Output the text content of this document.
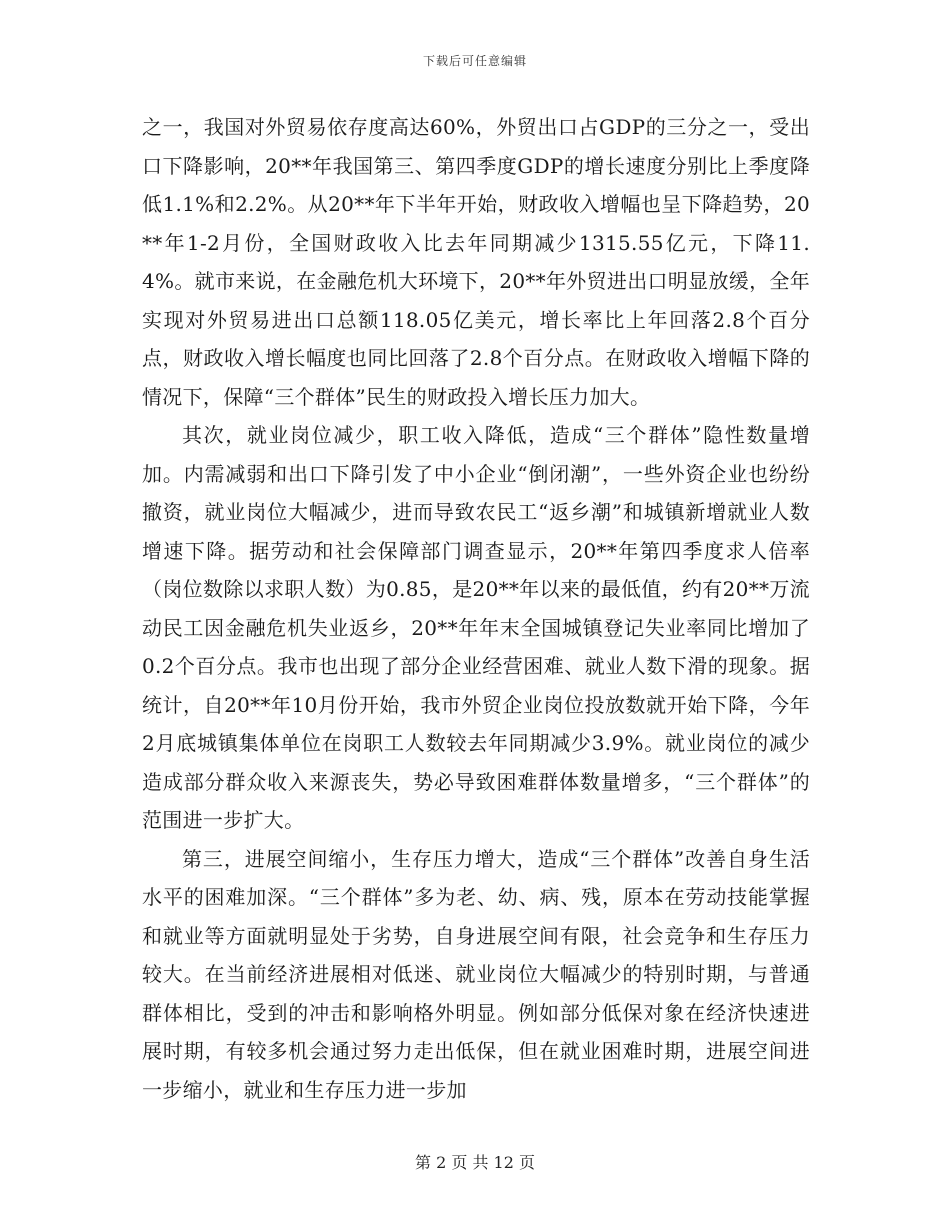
下载后可任意编辑

之一，我国对外贸易依存度高达60%，外贸出口占GDP的三分之一，受出口下降影响，20**年我国第三、第四季度GDP的增长速度分别比上季度降低1.1%和2.2%。从20**年下半年开始，财政收入增幅也呈下降趋势，20**年1-2月份，全国财政收入比去年同期减少1315.55亿元，下降11.4%。就市来说，在金融危机大环境下，20**年外贸进出口明显放缓，全年实现对外贸易进出口总额118.05亿美元，增长率比上年回落2.8个百分点，财政收入增长幅度也同比回落了2.8个百分点。在财政收入增幅下降的情况下，保障“三个群体”民生的财政投入增长压力加大。

其次，就业岗位减少，职工收入降低，造成“三个群体”隐性数量增加。内需减弱和出口下降引发了中小企业“倒闭潮”，一些外资企业也纷纷撤资，就业岗位大幅减少，进而导致农民工“返乡潮”和城镇新增就业人数增速下降。据劳动和社会保障部门调查显示，20**年第四季度求人倍率（岗位数除以求职人数）为0.85，是20**年以来的最低值，约有20**万流动民工因金融危机失业返乡，20**年年末全国城镇登记失业率同比增加了0.2个百分点。我市也出现了部分企业经营困难、就业人数下滑的现象。据统计，自20**年10月份开始，我市外贸企业岗位投放数就开始下降，今年2月底城镇集体单位在岗职工人数较去年同期减少3.9%。就业岗位的减少造成部分群众收入来源丧失，势必导致困难群体数量增多，“三个群体”的范围进一步扩大。

第三，进展空间缩小，生存压力增大，造成“三个群体”改善自身生活水平的困难加深。“三个群体”多为老、幼、病、残，原本在劳动技能掌握和就业等方面就明显处于劣势，自身进展空间有限，社会竞争和生存压力较大。在当前经济进展相对低迷、就业岗位大幅减少的特别时期，与普通群体相比，受到的冲击和影响格外明显。例如部分低保对象在经济快速进展时期，有较多机会通过努力走出低保，但在就业困难时期，进展空间进一步缩小，就业和生存压力进一步加

第 2 页 共 12 页
